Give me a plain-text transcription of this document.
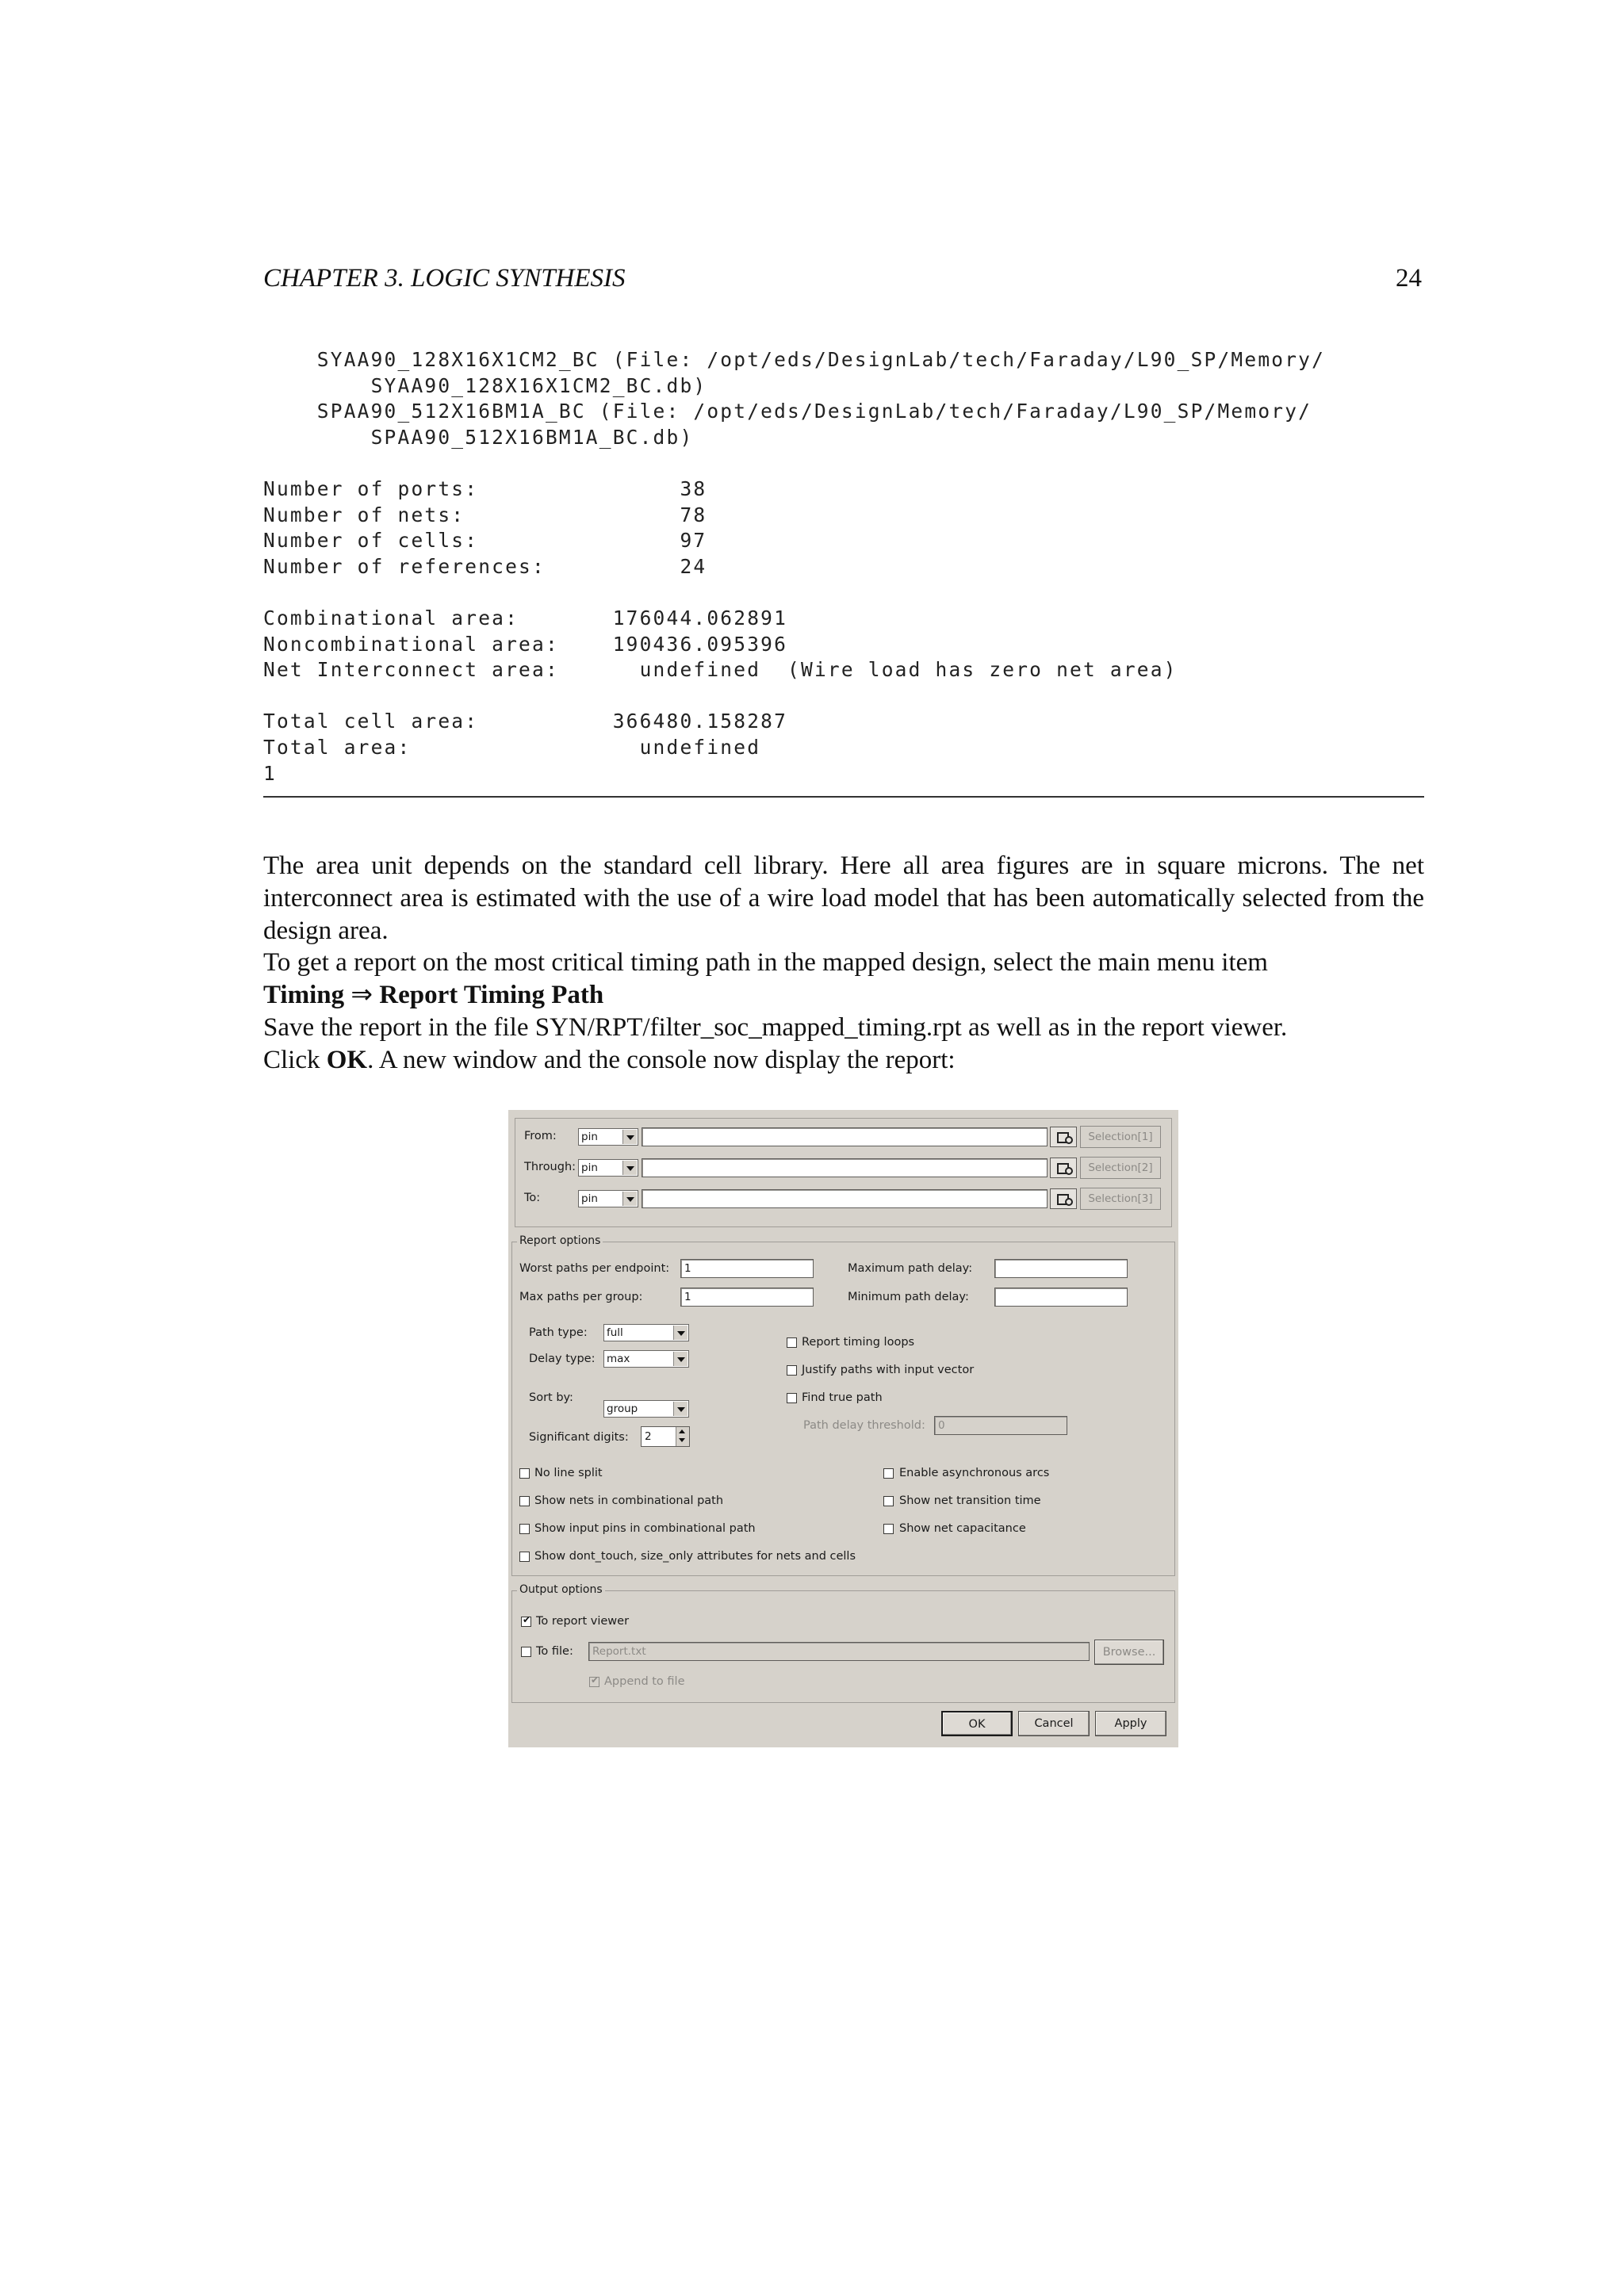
CHAPTER 3. LOGIC SYNTHESIS	24
SYAA90_128X16X1CM2_BC (File: /opt/eds/DesignLab/tech/Faraday/L90_SP/Memory/
SYAA90_128X16X1CM2_BC.db)
SPAA90_512X16BM1A_BC (File: /opt/eds/DesignLab/tech/Faraday/L90_SP/Memory/
SPAA90_512X16BM1A_BC.db)

Number of ports:               38
Number of nets:                78
Number of cells:               97
Number of references:          24

Combinational area:       176044.062891
Noncombinational area:    190436.095396
Net Interconnect area:      undefined  (Wire load has zero net area)

Total cell area:          366480.158287
Total area:                 undefined
1
The area unit depends on the standard cell library. Here all area figures are in square microns. The net interconnect area is estimated with the use of a wire load model that has been automatically selected from the design area.
To get a report on the most critical timing path in the mapped design, select the main menu item
Timing ⇒ Report Timing Path
Save the report in the file SYN/RPT/filter_soc_mapped_timing.rpt as well as in the report viewer.
Click OK. A new window and the console now display the report:
From: pin	Selection[1]
Through: pin	Selection[2]
To:	pin	Selection[3]
Report options
Worst paths per endpoint:	1	Maximum path delay:
Max paths per group:	1	Minimum path delay:
Path type: full
Delay type: max
Sort by:
group
Significant digits:	2
Report timing loops
Justify paths with input vector
Find true path
Path delay threshold:	0
No line split
Show nets in combinational path
Show input pins in combinational path
Show dont_touch, size_only attributes for nets and cells
Enable asynchronous arcs
Show net transition time
Show net capacitance
Output options
✔
To report viewer
To file:	Report.txt	Browse...
✔
Append to file
OK	Cancel	Apply
